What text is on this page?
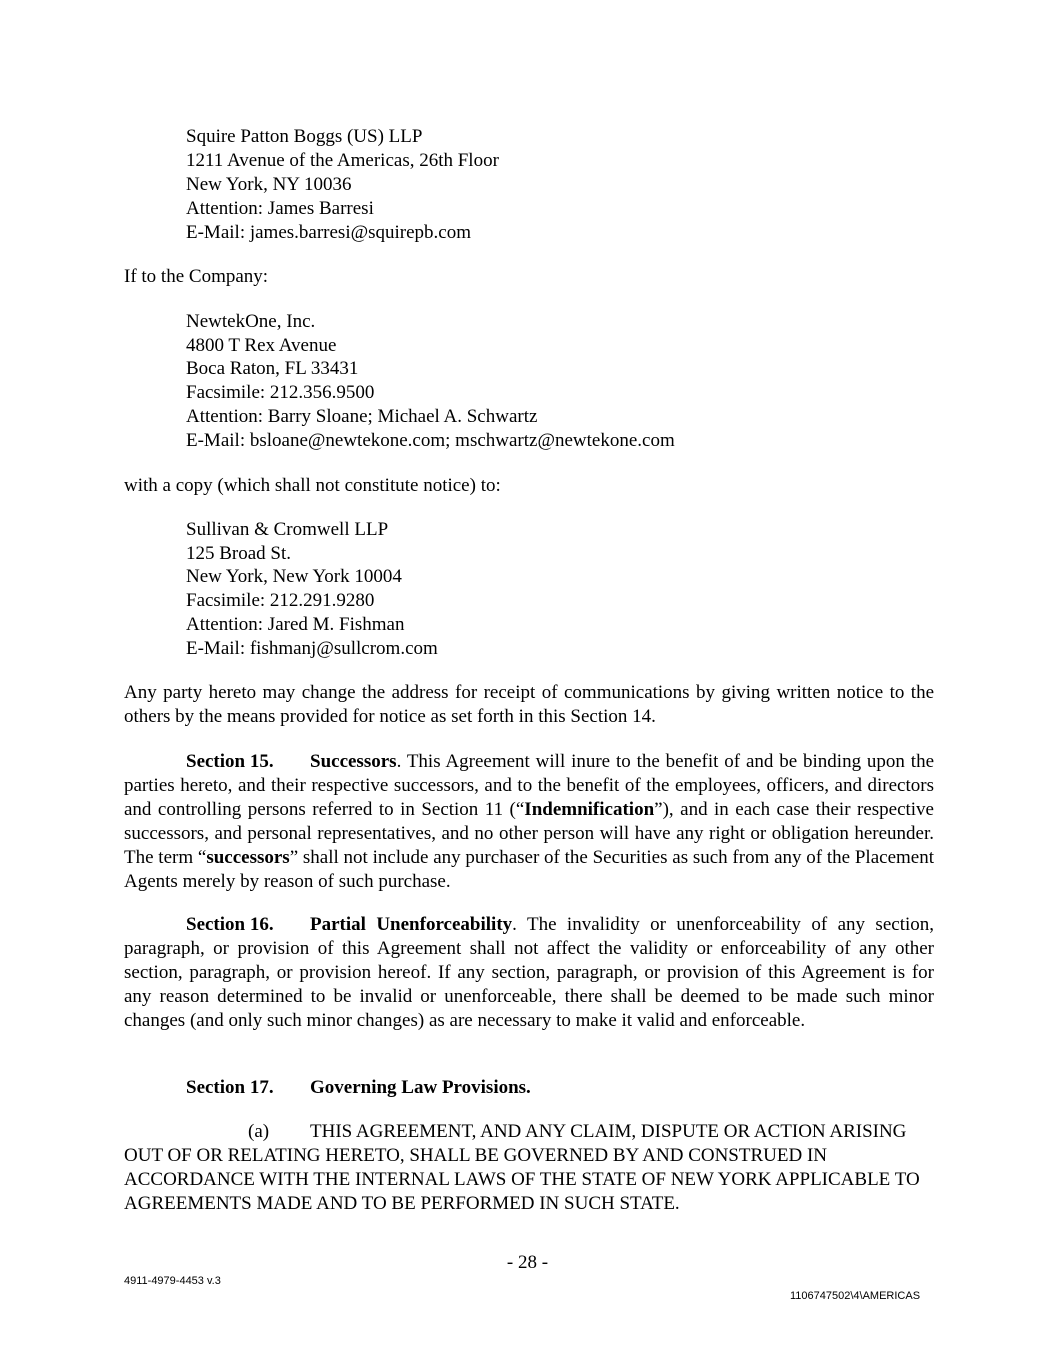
Squire Patton Boggs (US) LLP
1211 Avenue of the Americas, 26th Floor
New York, NY 10036
Attention: James Barresi
E-Mail: james.barresi@squirepb.com
If to the Company:
NewtekOne, Inc.
4800 T Rex Avenue
Boca Raton, FL 33431
Facsimile: 212.356.9500
Attention: Barry Sloane; Michael A. Schwartz
E-Mail: bsloane@newtekone.com; mschwartz@newtekone.com
with a copy (which shall not constitute notice) to:
Sullivan & Cromwell LLP
125 Broad St.
New York, New York 10004
Facsimile: 212.291.9280
Attention: Jared M. Fishman
E-Mail: fishmanj@sullcrom.com
Any party hereto may change the address for receipt of communications by giving written notice to the others by the means provided for notice as set forth in this Section 14.
Section 15. Successors. This Agreement will inure to the benefit of and be binding upon the parties hereto, and their respective successors, and to the benefit of the employees, officers, and directors and controlling persons referred to in Section 11 (“Indemnification”), and in each case their respective successors, and personal representatives, and no other person will have any right or obligation hereunder. The term “successors” shall not include any purchaser of the Securities as such from any of the Placement Agents merely by reason of such purchase.
Section 16. Partial Unenforceability. The invalidity or unenforceability of any section, paragraph, or provision of this Agreement shall not affect the validity or enforceability of any other section, paragraph, or provision hereof. If any section, paragraph, or provision of this Agreement is for any reason determined to be invalid or unenforceable, there shall be deemed to be made such minor changes (and only such minor changes) as are necessary to make it valid and enforceable.
Section 17. Governing Law Provisions.
(a) THIS AGREEMENT, AND ANY CLAIM, DISPUTE OR ACTION ARISING OUT OF OR RELATING HERETO, SHALL BE GOVERNED BY AND CONSTRUED IN ACCORDANCE WITH THE INTERNAL LAWS OF THE STATE OF NEW YORK APPLICABLE TO AGREEMENTS MADE AND TO BE PERFORMED IN SUCH STATE.
- 28 -
4911-4979-4453 v.3
1106747502\4\AMERICAS
